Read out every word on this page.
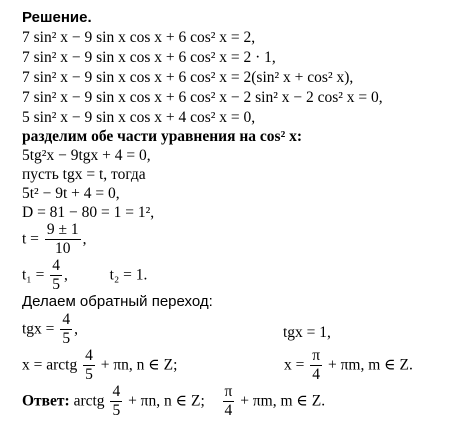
Решение.
7 sin² x − 9 sin x cos x + 6 cos² x = 2,
7 sin² x − 9 sin x cos x + 6 cos² x = 2 · 1,
7 sin² x − 9 sin x cos x + 6 cos² x = 2(sin² x + cos² x),
7 sin² x − 9 sin x cos x + 6 cos² x − 2 sin² x − 2 cos² x = 0,
5 sin² x − 9 sin x cos x + 4 cos² x = 0,
разделим обе части уравнения на cos² x:
5tg²x − 9tgx + 4 = 0,
пусть tgx = t, тогда
5t² − 9t + 4 = 0,
D = 81 − 80 = 1 = 1²,
$t = \frac{9 \pm 1}{10}$ ,
$t_1 = \frac{4}{5}$ ,	t₂ = 1.
Делаем обратный переход:
tgx = $\frac{4}{5}$ ,	tgx = 1,
x = arctg $\frac{4}{5} + \pi n$, n ∈ Z;	$x = \frac{\pi}{4} + \pi m$, m ∈ Z.
Ответ: arctg $\frac{4}{5} + \pi n$, n ∈ Z; $\frac{\pi}{4} + \pi m$, m ∈ Z.
